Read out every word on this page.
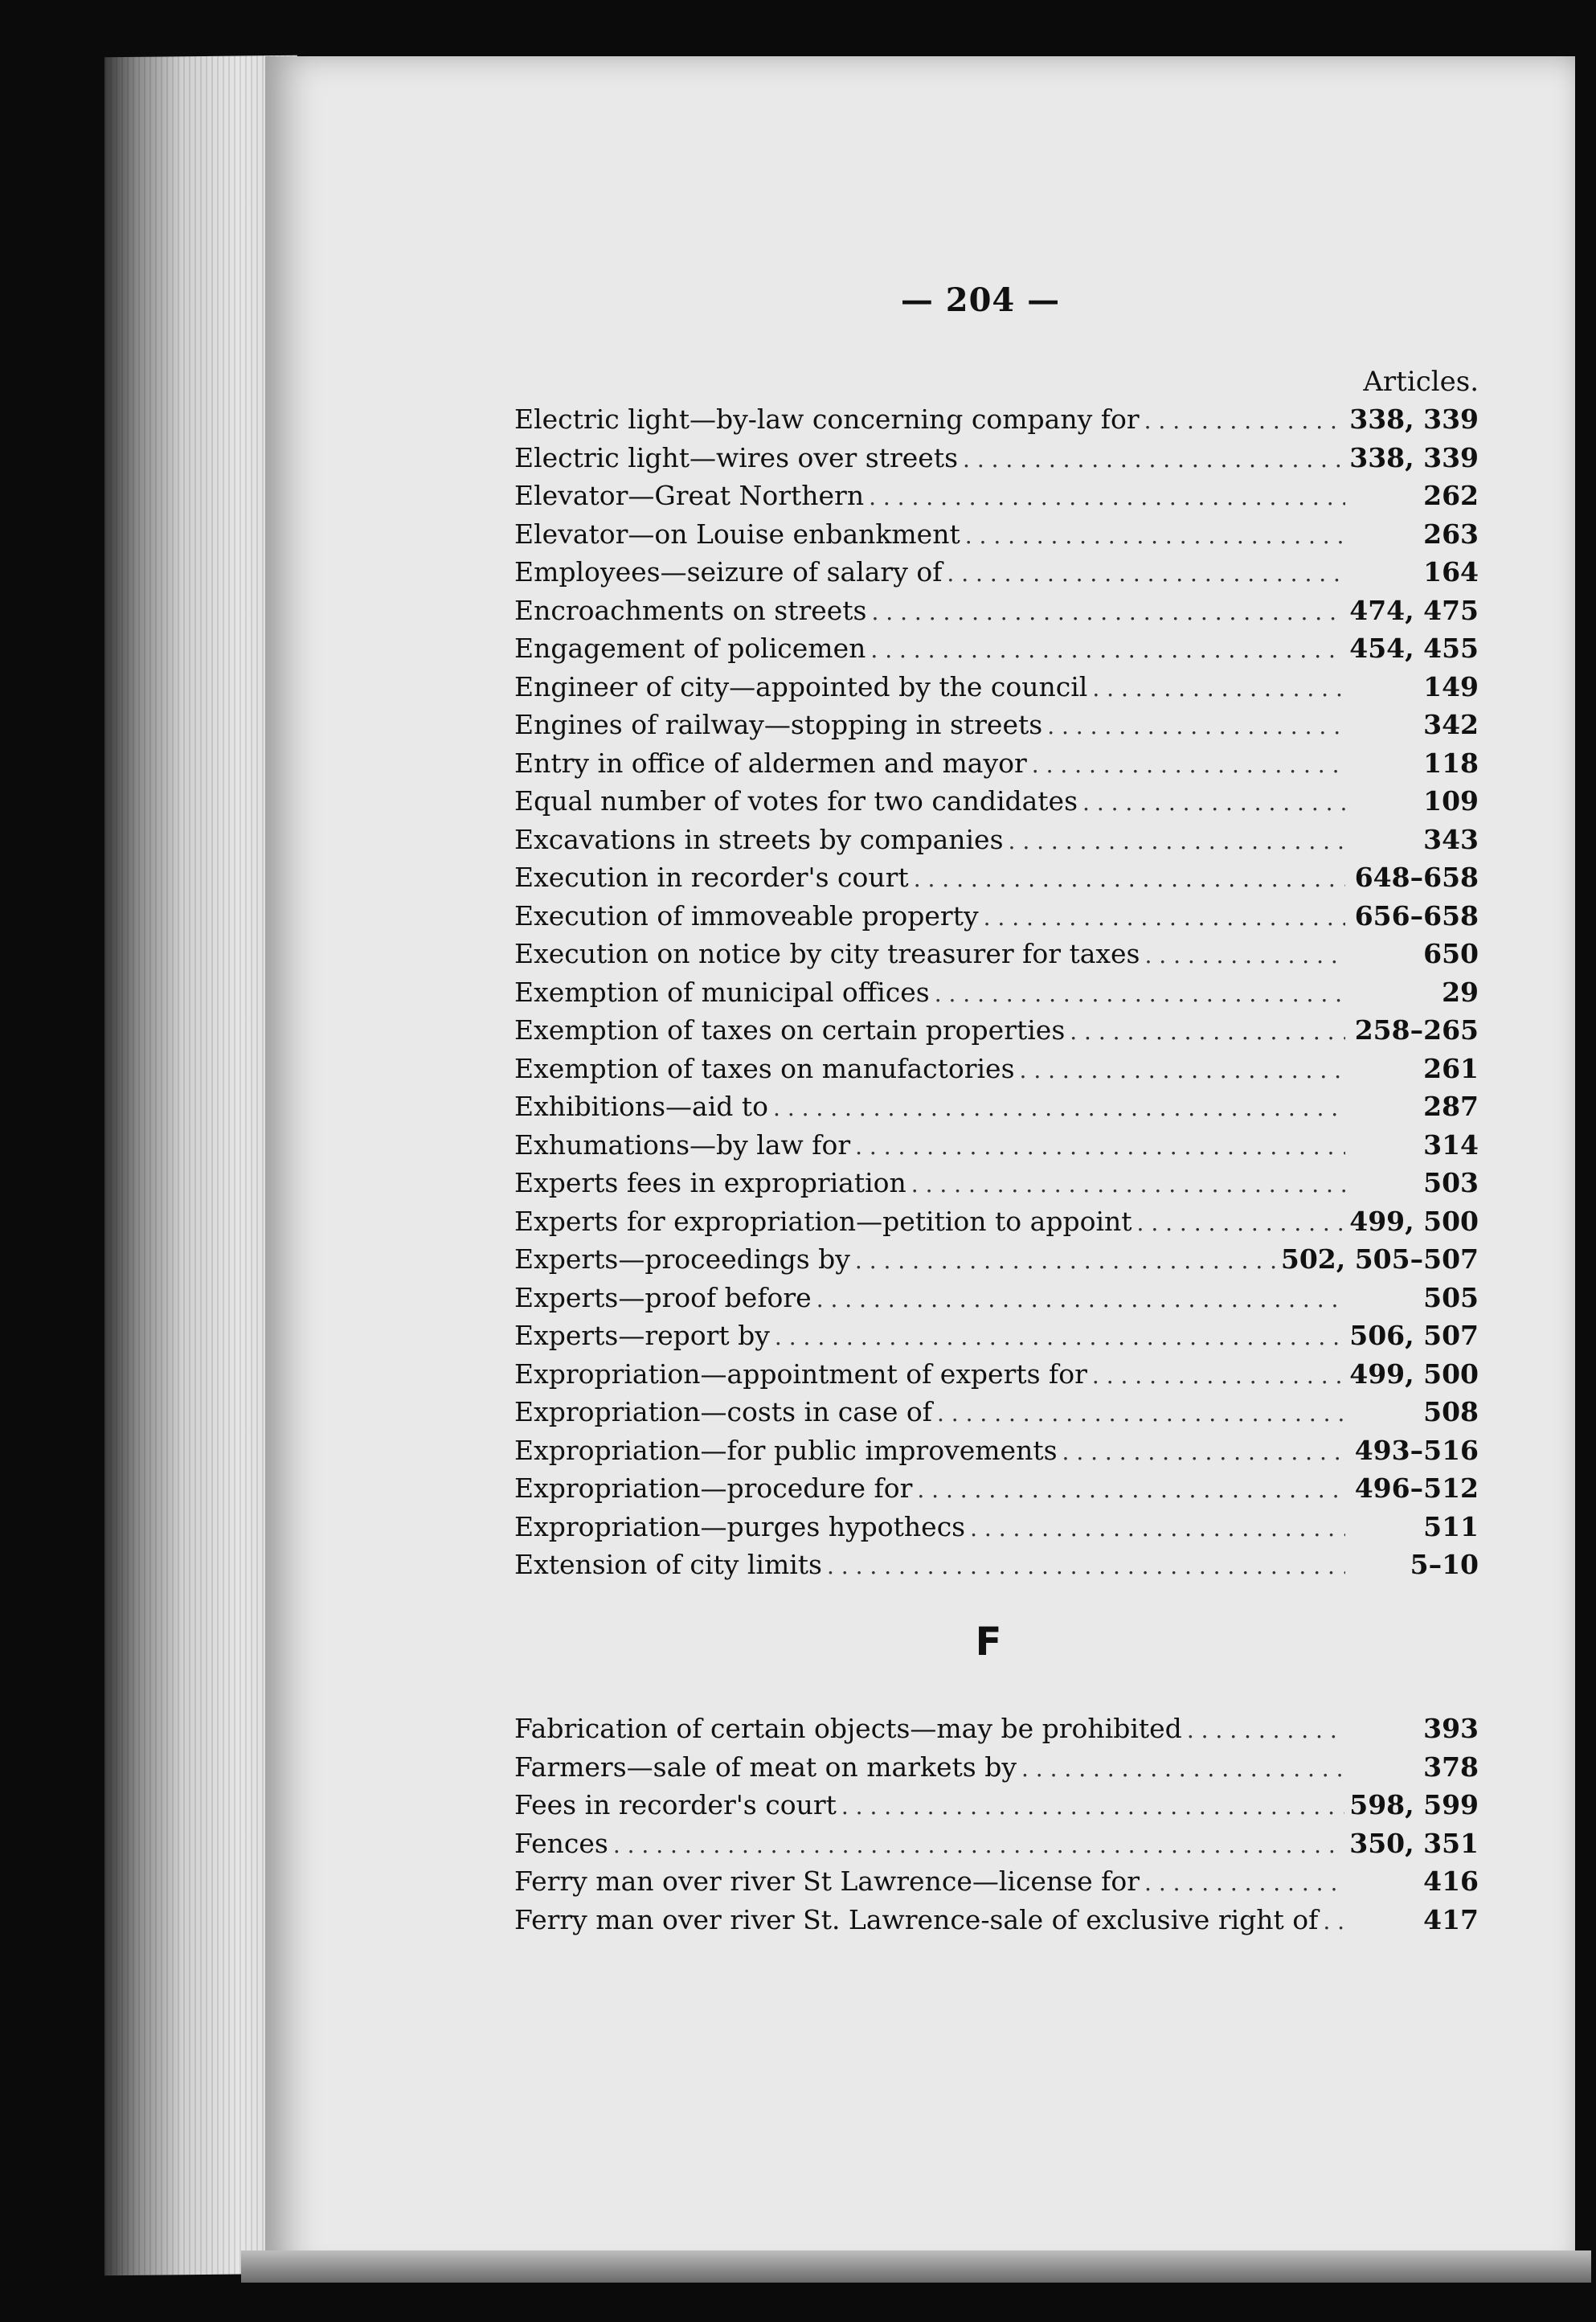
— 204 —
Articles.
Electric light—by-law concerning company for . . .	338, 339
Electric light—wires over streets . . .	338, 339
Elevator—Great Northern . . .	262
Elevator—on Louise enbankment . . .	263
Employees—seizure of salary of . . .	164
Encroachments on streets . . .	474, 475
Engagement of policemen . . .	454, 455
Engineer of city—appointed by the council . . .	149
Engines of railway—stopping in streets . . .	342
Entry in office of aldermen and mayor . . .	118
Equal number of votes for two candidates . . .	109
Excavations in streets by companies . . .	343
Execution in recorder's court . . .	648–658
Execution of immoveable property . . .	656–658
Execution on notice by city treasurer for taxes . . .	650
Exemption of municipal offices . . .	29
Exemption of taxes on certain properties . . .	258–265
Exemption of taxes on manufactories . . .	261
Exhibitions—aid to . . .	287
Exhumations—by law for . . .	314
Experts fees in expropriation . . .	503
Experts for expropriation—petition to appoint . . .	499, 500
Experts—proceedings by . . .	502, 505–507
Experts—proof before . . .	505
Experts—report by . . .	506, 507
Expropriation—appointment of experts for . . .	499, 500
Expropriation—costs in case of . . .	508
Expropriation—for public improvements . . .	493–516
Expropriation—procedure for . . .	496–512
Expropriation—purges hypothecs . . .	511
Extension of city limits . . .	5–10
F
Fabrication of certain objects—may be prohibited . . .	393
Farmers—sale of meat on markets by . . .	378
Fees in recorder's court . . .	598, 599
Fences . . .	350, 351
Ferry man over river St Lawrence—license for . . .	416
Ferry man over river St. Lawrence-sale of exclusive right of . . .	417
